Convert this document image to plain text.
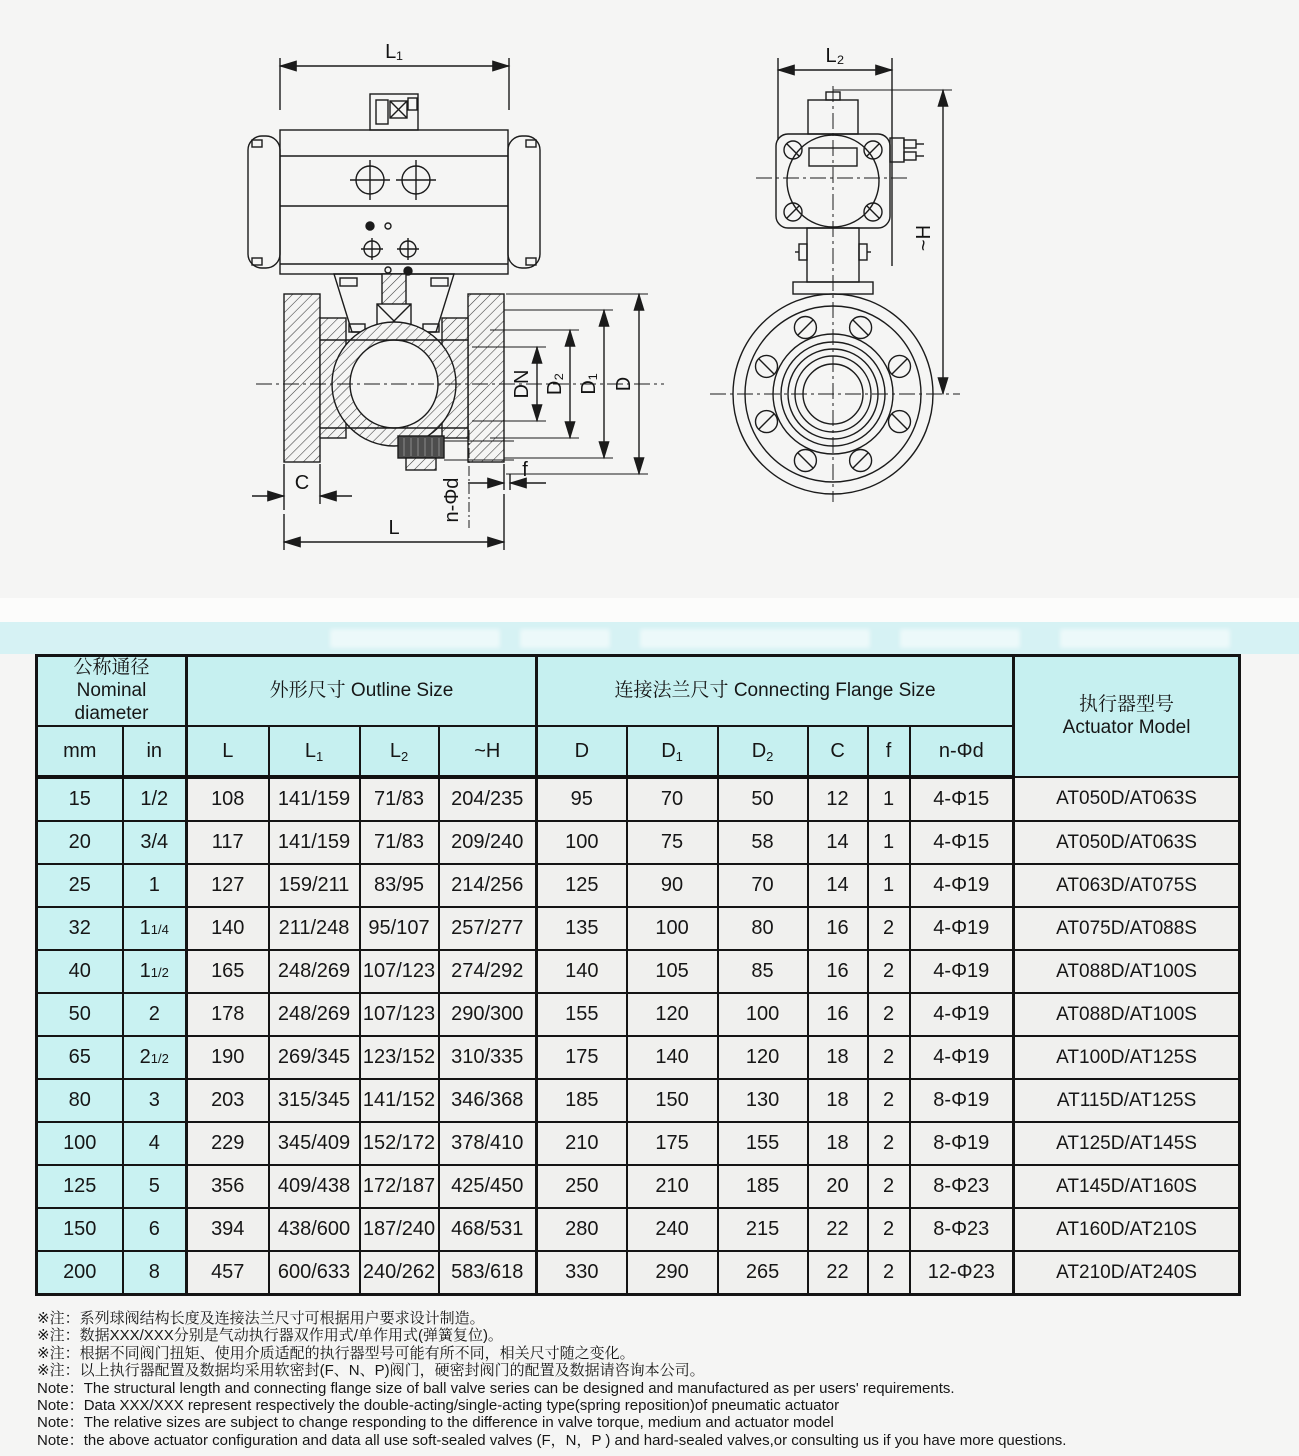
L₁
DN D₂ D₁ D
C
f
L
n-Φd
L₂
~H
公称通径
Nominal diameter
	外形尺寸 Outline Size	连接法兰尺寸 Connecting Flange Size	
执行器型号
Actuator Model

mm	in	L	$L_1$	$L_2$	~H	D	$D_1$	$D_2$	C	f	n-Φd	
15	1/2	108	141/159	71/83	204/235	95	70	50	12	1	4-Φ15	AT050D/AT063S
20	3/4	117	141/159	71/83	209/240	100	75	58	14	1	4-Φ15	AT050D/AT063S
25	1	127	159/211	83/95	214/256	125	90	70	14	1	4-Φ19	AT063D/AT075S
32	11/4	140	211/248	95/107	257/277	135	100	80	16	2	4-Φ19	AT075D/AT088S
40	11/2	165	248/269	107/123	274/292	140	105	85	16	2	4-Φ19	AT088D/AT100S
50	2	178	248/269	107/123	290/300	155	120	100	16	2	4-Φ19	AT088D/AT100S
65	21/2	190	269/345	123/152	310/335	175	140	120	18	2	4-Φ19	AT100D/AT125S
80	3	203	315/345	141/152	346/368	185	150	130	18	2	8-Φ19	AT115D/AT125S
100	4	229	345/409	152/172	378/410	210	175	155	18	2	8-Φ19	AT125D/AT145S
125	5	356	409/438	172/187	425/450	250	210	185	20	2	8-Φ23	AT145D/AT160S
150	6	394	438/600	187/240	468/531	280	240	215	22	2	8-Φ23	AT160D/AT210S
200	8	457	600/633	240/262	583/618	330	290	265	22	2	12-Φ23	AT210D/AT240S
※注：系列球阀结构长度及连接法兰尺寸可根据用户要求设计制造。
※注：数据XXX/XXX分别是气动执行器双作用式/单作用式(弹簧复位)。
※注：根据不同阀门扭矩、使用介质适配的执行器型号可能有所不同，相关尺寸随之变化。
※注：以上执行器配置及数据均采用软密封(F、N、P)阀门，硬密封阀门的配置及数据请咨询本公司。
Note：The structural length and connecting flange size of ball valve series can be designed and manufactured as per users' requirements.
Note：Data XXX/XXX represent respectively the double-acting/single-acting type(spring reposition)of pneumatic actuator
Note：The relative sizes are subject to change responding to the difference in valve torque, medium and actuator model
Note：the above actuator configuration and data all use soft-sealed valves (F，N，P ) and hard-sealed valves,or consulting us if you have more questions.
